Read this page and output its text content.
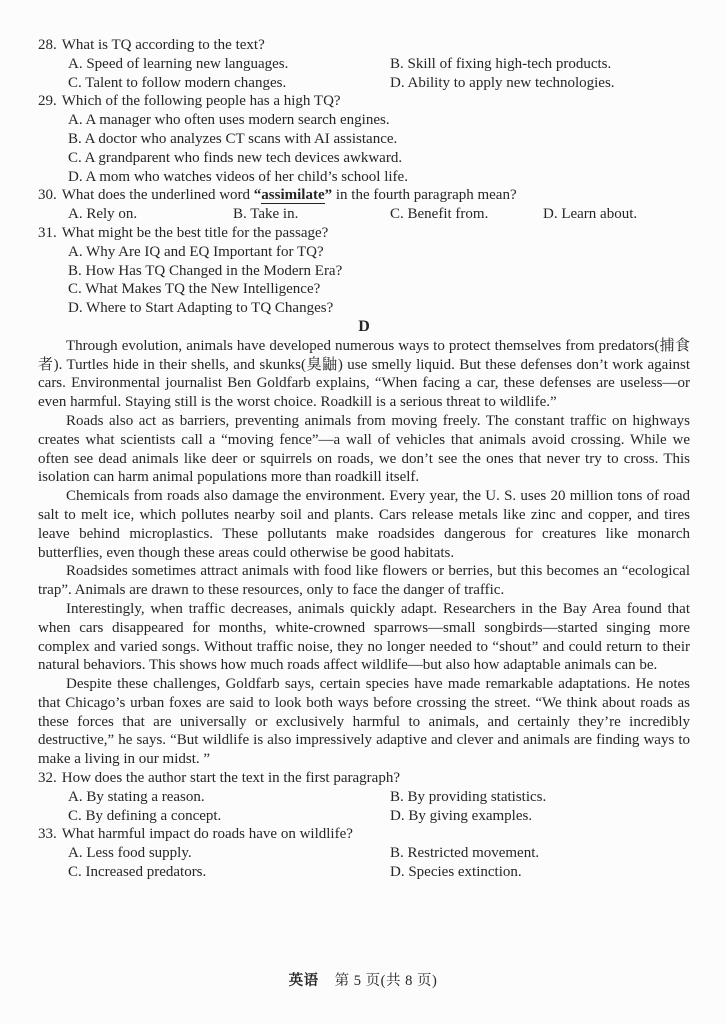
28. What is TQ according to the text?
A. Speed of learning new languages.	B. Skill of fixing high-tech products.
C. Talent to follow modern changes.	D. Ability to apply new technologies.
29. Which of the following people has a high TQ?
A. A manager who often uses modern search engines.
B. A doctor who analyzes CT scans with AI assistance.
C. A grandparent who finds new tech devices awkward.
D. A mom who watches videos of her child’s school life.
30. What does the underlined word “assimilate” in the fourth paragraph mean?
A. Rely on.	B. Take in.	C. Benefit from.	D. Learn about.
31. What might be the best title for the passage?
A. Why Are IQ and EQ Important for TQ?
B. How Has TQ Changed in the Modern Era?
C. What Makes TQ the New Intelligence?
D. Where to Start Adapting to TQ Changes?
D

Through evolution, animals have developed numerous ways to protect themselves from predators(捕食者). Turtles hide in their shells, and skunks(臭鼬) use smelly liquid. But these defenses don’t work against cars. Environmental journalist Ben Goldfarb explains, “When facing a car, these defenses are useless—or even harmful. Staying still is the worst choice. Roadkill is a serious threat to wildlife.”

Roads also act as barriers, preventing animals from moving freely. The constant traffic on highways creates what scientists call a “moving fence”—a wall of vehicles that animals avoid crossing. While we often see dead animals like deer or squirrels on roads, we don’t see the ones that never try to cross. This isolation can harm animal populations more than roadkill itself.

Chemicals from roads also damage the environment. Every year, the U. S. uses 20 million tons of road salt to melt ice, which pollutes nearby soil and plants. Cars release metals like zinc and copper, and tires leave behind microplastics. These pollutants make roadsides dangerous for creatures like monarch butterflies, even though these areas could otherwise be good habitats.

Roadsides sometimes attract animals with food like flowers or berries, but this becomes an “ecological trap”. Animals are drawn to these resources, only to face the danger of traffic.

Interestingly, when traffic decreases, animals quickly adapt. Researchers in the Bay Area found that when cars disappeared for months, white-crowned sparrows—small songbirds—started singing more complex and varied songs. Without traffic noise, they no longer needed to “shout” and could return to their natural behaviors. This shows how much roads affect wildlife—but also how adaptable animals can be.

Despite these challenges, Goldfarb says, certain species have made remarkable adaptations. He notes that Chicago’s urban foxes are said to look both ways before crossing the street. “We think about roads as these forces that are universally or exclusively harmful to animals, and certainly they’re incredibly destructive,” he says. “But wildlife is also impressively adaptive and clever and animals are finding ways to make a living in our midst. ”

32. How does the author start the text in the first paragraph?
A. By stating a reason.	B. By providing statistics.
C. By defining a concept.	D. By giving examples.
33. What harmful impact do roads have on wildlife?
A. Less food supply.	B. Restricted movement.
C. Increased predators.	D. Species extinction.
英语 第 5 页(共 8 页)
